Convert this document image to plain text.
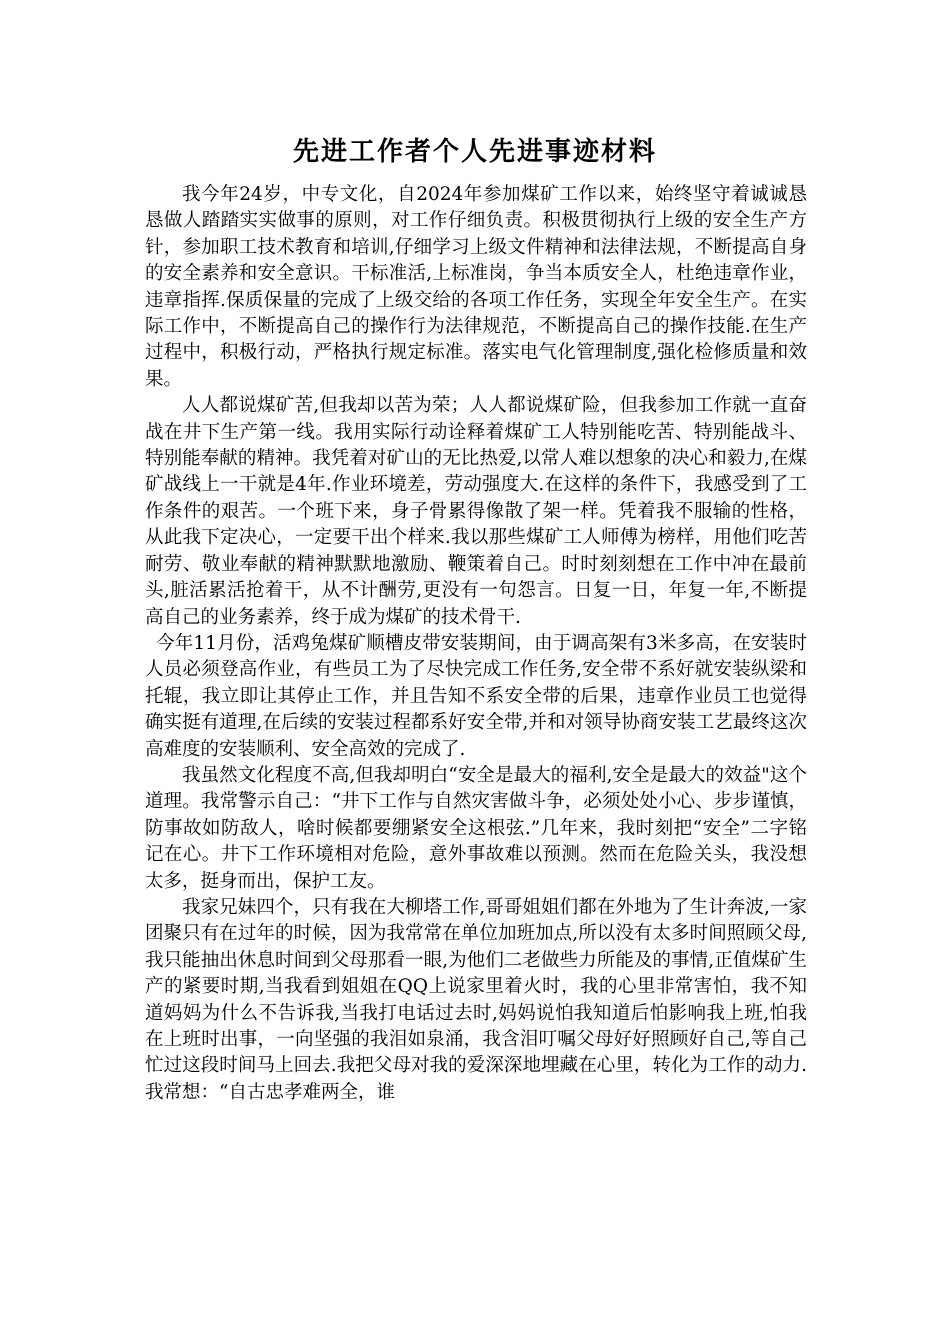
先进工作者个人先进事迹材料

我今年24岁，中专文化，自2024年参加煤矿工作以来，始终坚守着诚诚恳恳做人踏踏实实做事的原则，对工作仔细负责。积极贯彻执行上级的安全生产方针，参加职工技术教育和培训,仔细学习上级文件精神和法律法规，不断提高自身的安全素养和安全意识。干标准活,上标准岗，争当本质安全人，杜绝违章作业，违章指挥.保质保量的完成了上级交给的各项工作任务，实现全年安全生产。在实际工作中，不断提高自己的操作行为法律规范，不断提高自己的操作技能.在生产过程中，积极行动，严格执行规定标准。落实电气化管理制度,强化检修质量和效果。

人人都说煤矿苦,但我却以苦为荣；人人都说煤矿险，但我参加工作就一直奋战在井下生产第一线。我用实际行动诠释着煤矿工人特别能吃苦、特别能战斗、特别能奉献的精神。我凭着对矿山的无比热爱,以常人难以想象的决心和毅力,在煤矿战线上一干就是4年.作业环境差，劳动强度大.在这样的条件下，我感受到了工作条件的艰苦。一个班下来，身子骨累得像散了架一样。凭着我不服输的性格，从此我下定决心，一定要干出个样来.我以那些煤矿工人师傅为榜样，用他们吃苦耐劳、敬业奉献的精神默默地激励、鞭策着自己。时时刻刻想在工作中冲在最前头,脏活累活抢着干，从不计酬劳,更没有一句怨言。日复一日，年复一年,不断提高自己的业务素养，终于成为煤矿的技术骨干.

今年11月份，活鸡兔煤矿顺槽皮带安装期间，由于调高架有3米多高，在安装时人员必须登高作业，有些员工为了尽快完成工作任务,安全带不系好就安装纵梁和托辊，我立即让其停止工作，并且告知不系安全带的后果，违章作业员工也觉得确实挺有道理,在后续的安装过程都系好安全带,并和对领导协商安装工艺最终这次高难度的安装顺利、安全高效的完成了.

我虽然文化程度不高,但我却明白“安全是最大的福利,安全是最大的效益"这个道理。我常警示自己：“井下工作与自然灾害做斗争，必须处处小心、步步谨慎，防事故如防敌人，啥时候都要绷紧安全这根弦.”几年来，我时刻把“安全”二字铭记在心。井下工作环境相对危险，意外事故难以预测。然而在危险关头，我没想太多，挺身而出，保护工友。

我家兄妹四个，只有我在大柳塔工作,哥哥姐姐们都在外地为了生计奔波,一家团聚只有在过年的时候，因为我常常在单位加班加点,所以没有太多时间照顾父母,我只能抽出休息时间到父母那看一眼,为他们二老做些力所能及的事情,正值煤矿生产的紧要时期,当我看到姐姐在QQ上说家里着火时，我的心里非常害怕，我不知道妈妈为什么不告诉我,当我打电话过去时,妈妈说怕我知道后怕影响我上班,怕我在上班时出事，一向坚强的我泪如泉涌，我含泪叮嘱父母好好照顾好自己,等自己忙过这段时间马上回去.我把父母对我的爱深深地埋藏在心里，转化为工作的动力.我常想：“自古忠孝难两全，谁
